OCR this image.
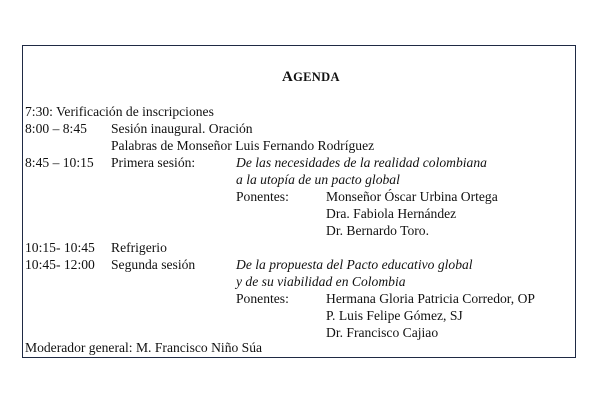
AGENDA
7:30: Verificación de inscripciones
8:00 – 8:45 Sesión inaugural. Oración
Palabras de Monseñor Luis Fernando Rodríguez
8:45 – 10:15 Primera sesión:	De las necesidades de la realidad colombiana
a la utopía de un pacto global
Ponentes:	Monseñor Óscar Urbina Ortega
Dra. Fabiola Hernández
Dr. Bernardo Toro.
10:15- 10:45 Refrigerio
10:45- 12:00 Segunda sesión	De la propuesta del Pacto educativo global
y de su viabilidad en Colombia
Ponentes:	Hermana Gloria Patricia Corredor, OP
P. Luis Felipe Gómez, SJ
Dr. Francisco Cajiao
Moderador general: M. Francisco Niño Súa
